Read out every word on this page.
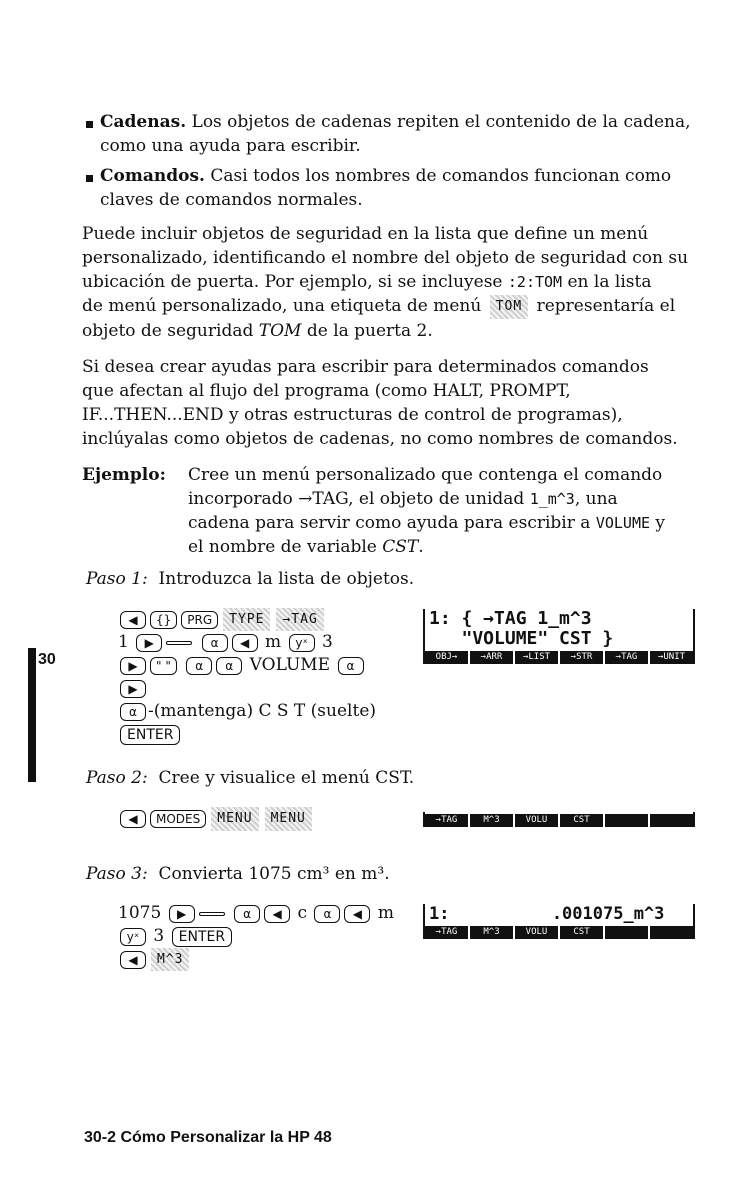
Cadenas. Los objetos de cadenas repiten el contenido de la cadena,
como una ayuda para escribir.
Comandos. Casi todos los nombres de comandos funcionan como
claves de comandos normales.
Puede incluir objetos de seguridad en la lista que define un menú
personalizado, identificando el nombre del objeto de seguridad con su
ubicación de puerta. Por ejemplo, si se incluyese :2:TOM en la lista
de menú personalizado, una etiqueta de menú TOM representaría el
objeto de seguridad TOM de la puerta 2.
Si desea crear ayudas para escribir para determinados comandos
que afectan al flujo del programa (como HALT, PROMPT,
IF...THEN...END y otras estructuras de control de programas),
inclúyalas como objetos de cadenas, no como nombres de comandos.
Ejemplo: Cree un menú personalizado que contenga el comando
incorporado →TAG, el objeto de unidad 1_m^3, una
cadena para servir como ayuda para escribir a VOLUME y
el nombre de variable CST.
Paso 1: Introduzca la lista de objetos.
◀ {} PRG TYPE →TAG
1 ▶	α ◀ m yˣ 3
▶ " " α α VOLUME α
▶
α -(mantenga) C S T (suelte)
ENTER
1: { →TAG 1_m^3
"VOLUME" CST }
OBJ→	→ARR	→LIST	→STR	→TAG	→UNIT
30
Paso 2: Cree y visualice el menú CST.
◀ MODES MENU MENU	→TAG	M^3	VOLU	CST
Paso 3: Convierta 1075 cm³ en m³.
1075 ▶	α ◀ c α ◀ m
yˣ 3 ENTER
◀ M^3
1:          .001075_m^3
→TAG	M^3	VOLU	CST
30-2 Cómo Personalizar la HP 48
